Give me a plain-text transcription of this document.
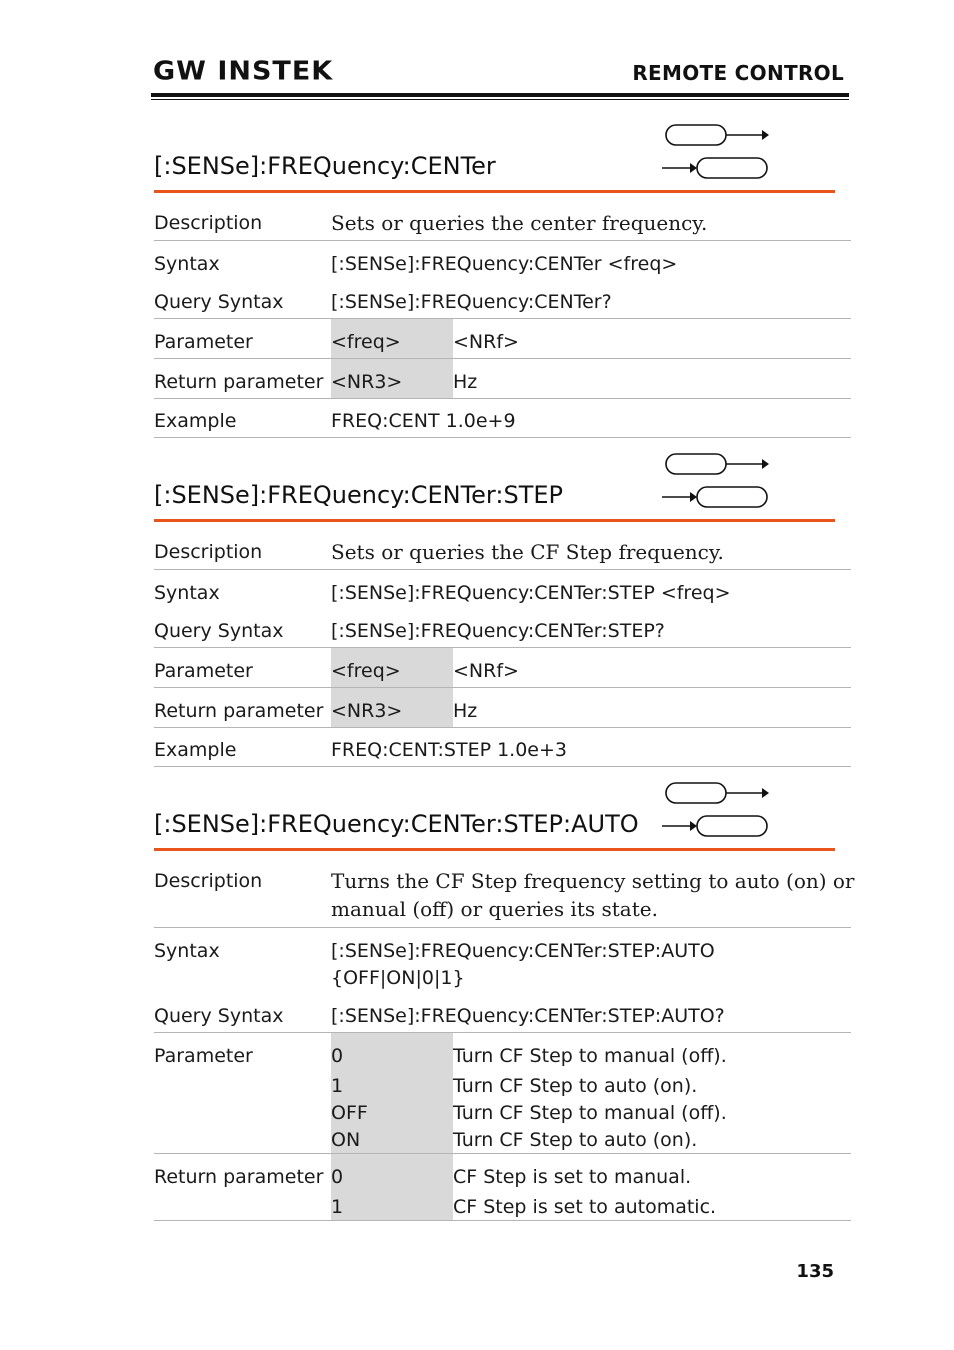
GW INSTEK	REMOTE CONTROL
[:SENSe]:FREQuency:CENTer
Description	Sets or queries the center frequency.
Syntax	[:SENSe]:FREQuency:CENTer <freq>
Query Syntax	[:SENSe]:FREQuency:CENTer?
Parameter	<freq>	<NRf>
Return parameter <NR3>	Hz
Example	FREQ:CENT 1.0e+9
[:SENSe]:FREQuency:CENTer:STEP
Description	Sets or queries the CF Step frequency.
Syntax	[:SENSe]:FREQuency:CENTer:STEP <freq>
Query Syntax	[:SENSe]:FREQuency:CENTer:STEP?
Parameter	<freq>	<NRf>
Return parameter <NR3>	Hz
Example	FREQ:CENT:STEP 1.0e+3
[:SENSe]:FREQuency:CENTer:STEP:AUTO
Description	Turns the CF Step frequency setting to auto (on) or
manual (off) or queries its state.
Syntax	[:SENSe]:FREQuency:CENTer:STEP:AUTO
{OFF|ON|0|1}
Query Syntax	[:SENSe]:FREQuency:CENTer:STEP:AUTO?
Parameter	0	Turn CF Step to manual (off).
1	Turn CF Step to auto (on).
OFF	Turn CF Step to manual (off).
ON	Turn CF Step to auto (on).
Return parameter 0	CF Step is set to manual.
1	CF Step is set to automatic.
135
